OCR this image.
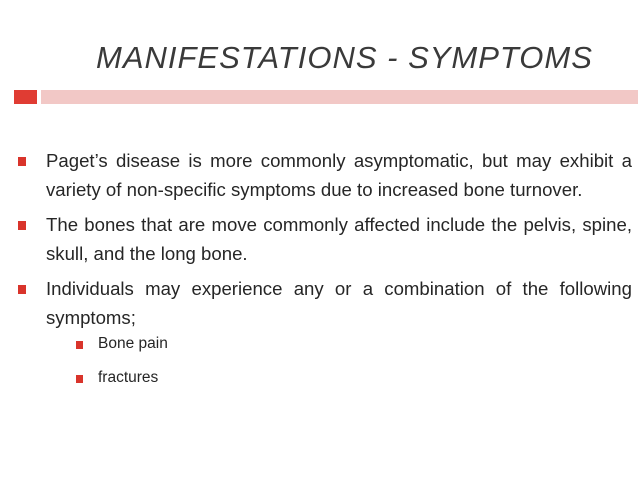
MANIFESTATIONS - SYMPTOMS
Paget’s disease is more commonly asymptomatic, but may exhibit a variety of non-specific symptoms due to increased bone turnover.
The bones that are move commonly affected include the pelvis, spine, skull, and the long bone.
Individuals may experience any or a combination of the following symptoms;
Bone pain
fractures
